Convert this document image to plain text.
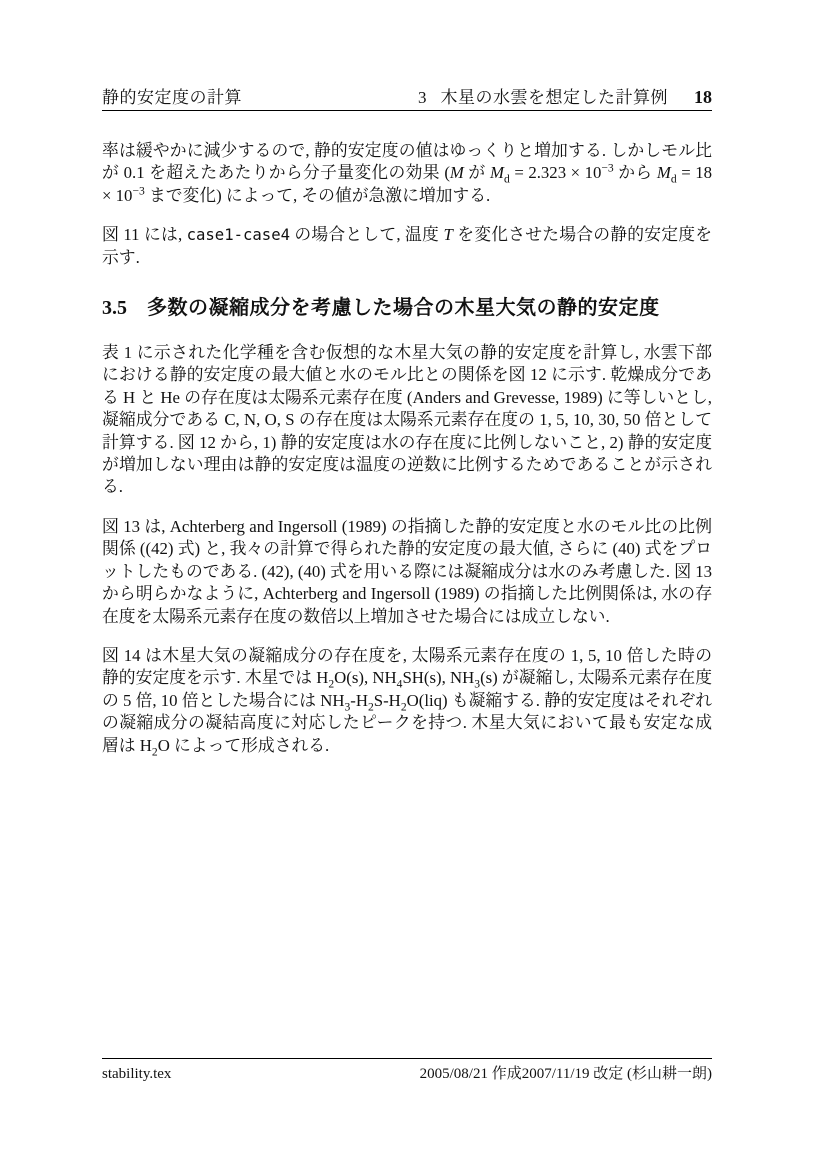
静的安定度の計算	3 木星の水雲を想定した計算例 18

率は緩やかに減少するので, 静的安定度の値はゆっくりと増加する. しかしモル比が 0.1 を超えたあたりから分子量変化の効果 (M が $M_d = 2.323 \times 10^{-3}$ から $M_d = 18 \times 10^{-3}$ まで変化) によって, その値が急激に増加する.

図 11 には, case1-case4 の場合として, 温度 T を変化させた場合の静的安定度を示す.

3.5 多数の凝縮成分を考慮した場合の木星大気の静的安定度

表 1 に示された化学種を含む仮想的な木星大気の静的安定度を計算し, 水雲下部における静的安定度の最大値と水のモル比との関係を図 12 に示す. 乾燥成分である H と He の存在度は太陽系元素存在度 (Anders and Grevesse, 1989) に等しいとし, 凝縮成分である C, N, O, S の存在度は太陽系元素存在度の 1, 5, 10, 30, 50 倍として計算する. 図 12 から, 1) 静的安定度は水の存在度に比例しないこと, 2) 静的安定度が増加しない理由は静的安定度は温度の逆数に比例するためであることが示される.

図 13 は, Achterberg and Ingersoll (1989) の指摘した静的安定度と水のモル比の比例関係 ((42) 式) と, 我々の計算で得られた静的安定度の最大値, さらに (40) 式をプロットしたものである. (42), (40) 式を用いる際には凝縮成分は水のみ考慮した. 図 13 から明らかなように, Achterberg and Ingersoll (1989) の指摘した比例関係は, 水の存在度を太陽系元素存在度の数倍以上増加させた場合には成立しない.

図 14 は木星大気の凝縮成分の存在度を, 太陽系元素存在度の 1, 5, 10 倍した時の静的安定度を示す. 木星では $H_2O(s)$, $NH_4SH(s)$, $NH_3(s)$ が凝縮し, 太陽系元素存在度の 5 倍, 10 倍とした場合には $NH_3-H_2S-H_2O(liq)$ も凝縮する. 静的安定度はそれぞれの凝縮成分の凝結高度に対応したピークを持つ. 木星大気において最も安定な成層は $H_2O$ によって形成される.

stability.tex	2005/08/21 作成2007/11/19 改定 (杉山耕一朗)
